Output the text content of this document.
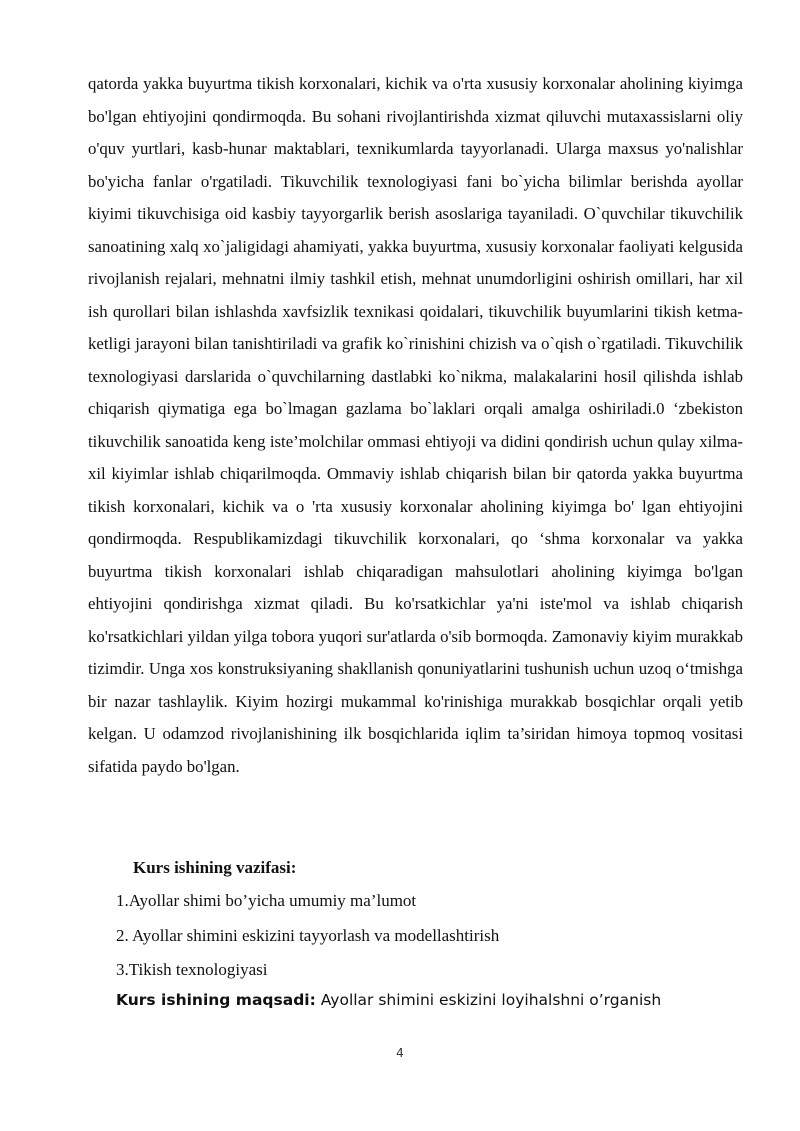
qatorda yakka buyurtma tikish korxonalari, kichik va o'rta xususiy korxonalar aholining kiyimga bo'lgan ehtiyojini qondirmoqda. Bu sohani rivojlantirishda xizmat qiluvchi mutaxassislarni oliy o'quv yurtlari, kasb-hunar maktablari, texnikumlarda tayyorlanadi. Ularga maxsus yo'nalishlar bo'yicha fanlar o'rgatiladi. Tikuvchilik texnologiyasi fani bo`yicha bilimlar berishda ayollar kiyimi tikuvchisiga oid kasbiy tayyorgarlik berish asoslariga tayaniladi. O`quvchilar tikuvchilik sanoatining xalq xo`jaligidagi ahamiyati, yakka buyurtma, xususiy korxonalar faoliyati kelgusida rivojlanish rejalari, mehnatni ilmiy tashkil etish, mehnat unumdorligini oshirish omillari, har xil ish qurollari bilan ishlashda xavfsizlik texnikasi qoidalari, tikuvchilik buyumlarini tikish ketma-ketligi jarayoni bilan tanishtiriladi va grafik ko`rinishini chizish va o`qish o`rgatiladi. Tikuvchilik texnologiyasi darslarida o`quvchilarning dastlabki ko`nikma, malakalarini hosil qilishda ishlab chiqarish qiymatiga ega bo`lmagan gazlama bo`laklari orqali amalga oshiriladi.0 ‘zbekiston tikuvchilik sanoatida keng iste’molchilar ommasi ehtiyoji va didini qondirish uchun qulay xilma-xil kiyimlar ishlab chiqarilmoqda. Ommaviy ishlab chiqarish bilan bir qatorda yakka buyurtma tikish korxonalari, kichik va o 'rta xususiy korxonalar aholining kiyimga bo' lgan ehtiyojini qondirmoqda. Respublikamizdagi tikuvchilik korxonalari, qo ‘shma korxonalar va yakka buyurtma tikish korxonalari ishlab chiqaradigan mahsulotlari aholining kiyimga bo'lgan ehtiyojini qondirishga xizmat qiladi. Bu ko'rsatkichlar ya'ni iste'mol va ishlab chiqarish ko'rsatkichlari yildan yilga tobora yuqori sur'atlarda o'sib bormoqda. Zamonaviy kiyim murakkab tizimdir. Unga xos konstruksiyaning shakllanish qonuniyatlarini tushunish uchun uzoq o‘tmishga bir nazar tashlaylik. Kiyim hozirgi mukammal ko'rinishiga murakkab bosqichlar orqali yetib kelgan. U odamzod rivojlanishining ilk bosqichlarida iqlim ta’siridan himoya topmoq vositasi sifatida paydo bo'lgan.

Kurs ishining vazifasi:

1.Ayollar shimi bo’yicha umumiy ma’lumot
2. Ayollar shimini eskizini tayyorlash va modellashtirish
3.Tikish texnologiyasi

Kurs ishining maqsadi: Ayollar shimini eskizini loyihalshni o’rganish

4
